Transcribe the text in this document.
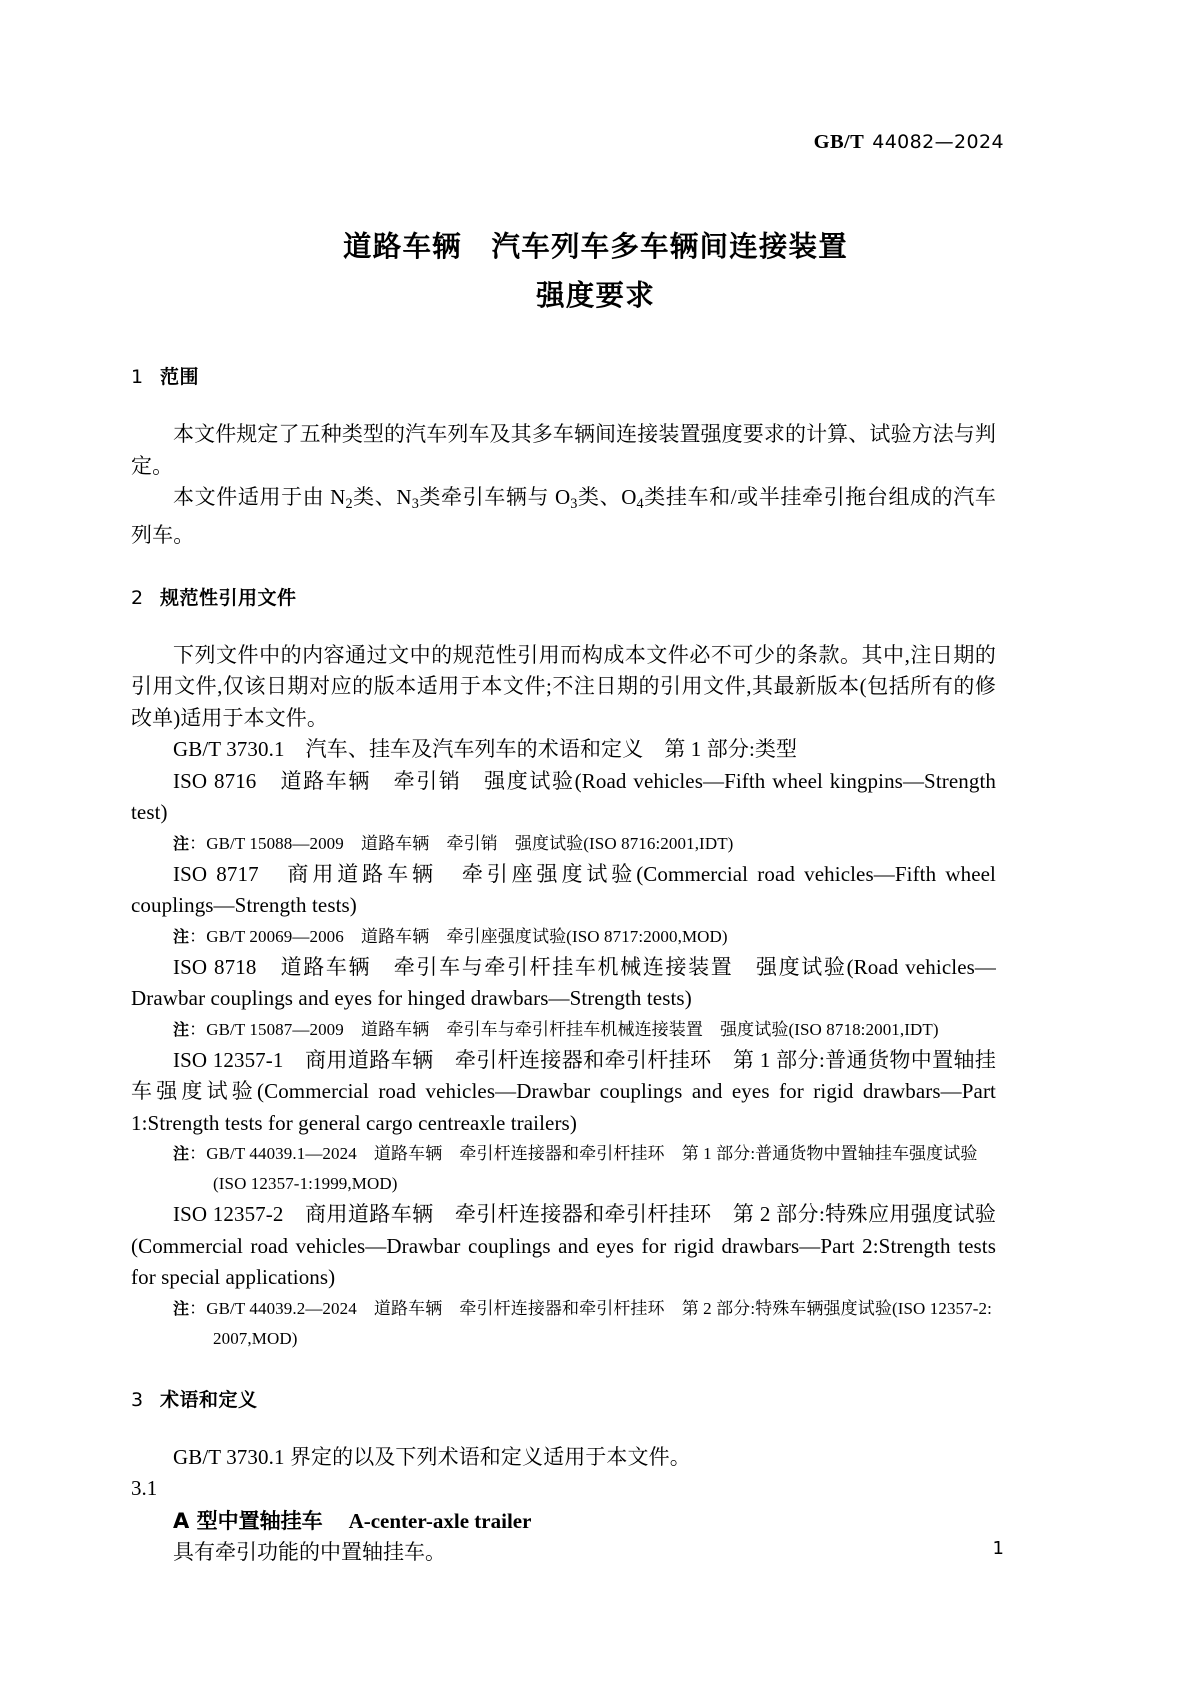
GB/T 44082—2024
道路车辆　汽车列车多车辆间连接装置
强度要求
1 范围

本文件规定了五种类型的汽车列车及其多车辆间连接装置强度要求的计算、试验方法与判定。

本文件适用于由 $N_2$类、$N_3$类牵引车辆与 $O_3$类、$O_4$类挂车和/或半挂牵引拖台组成的汽车列车。

2 规范性引用文件

下列文件中的内容通过文中的规范性引用而构成本文件必不可少的条款。其中,注日期的引用文件,仅该日期对应的版本适用于本文件;不注日期的引用文件,其最新版本(包括所有的修改单)适用于本文件。

GB/T 3730.1　汽车、挂车及汽车列车的术语和定义　第 1 部分:类型

ISO 8716　道路车辆　牵引销　强度试验(Road vehicles—Fifth wheel kingpins—Strength test)

注：GB/T 15088—2009　道路车辆　牵引销　强度试验(ISO 8716:2001,IDT)

ISO 8717　商用道路车辆　牵引座强度试验(Commercial road vehicles—Fifth wheel couplings—Strength tests)

注：GB/T 20069—2006　道路车辆　牵引座强度试验(ISO 8717:2000,MOD)

ISO 8718　道路车辆　牵引车与牵引杆挂车机械连接装置　强度试验(Road vehicles—Drawbar couplings and eyes for hinged drawbars—Strength tests)

注：GB/T 15087—2009　道路车辆　牵引车与牵引杆挂车机械连接装置　强度试验(ISO 8718:2001,IDT)

ISO 12357-1　商用道路车辆　牵引杆连接器和牵引杆挂环　第 1 部分:普通货物中置轴挂车强度试验(Commercial road vehicles—Drawbar couplings and eyes for rigid drawbars—Part 1:Strength tests for general cargo centreaxle trailers)

注：GB/T 44039.1—2024　道路车辆　牵引杆连接器和牵引杆挂环　第 1 部分:普通货物中置轴挂车强度试验

(ISO 12357-1:1999,MOD)

ISO 12357-2　商用道路车辆　牵引杆连接器和牵引杆挂环　第 2 部分:特殊应用强度试验(Commercial road vehicles—Drawbar couplings and eyes for rigid drawbars—Part 2:Strength tests for special applications)

注：GB/T 44039.2—2024　道路车辆　牵引杆连接器和牵引杆挂环　第 2 部分:特殊车辆强度试验(ISO 12357-2:

2007,MOD)

3 术语和定义

GB/T 3730.1 界定的以及下列术语和定义适用于本文件。

3.1

A 型中置轴挂车 A-center-axle trailer

具有牵引功能的中置轴挂车。	1
